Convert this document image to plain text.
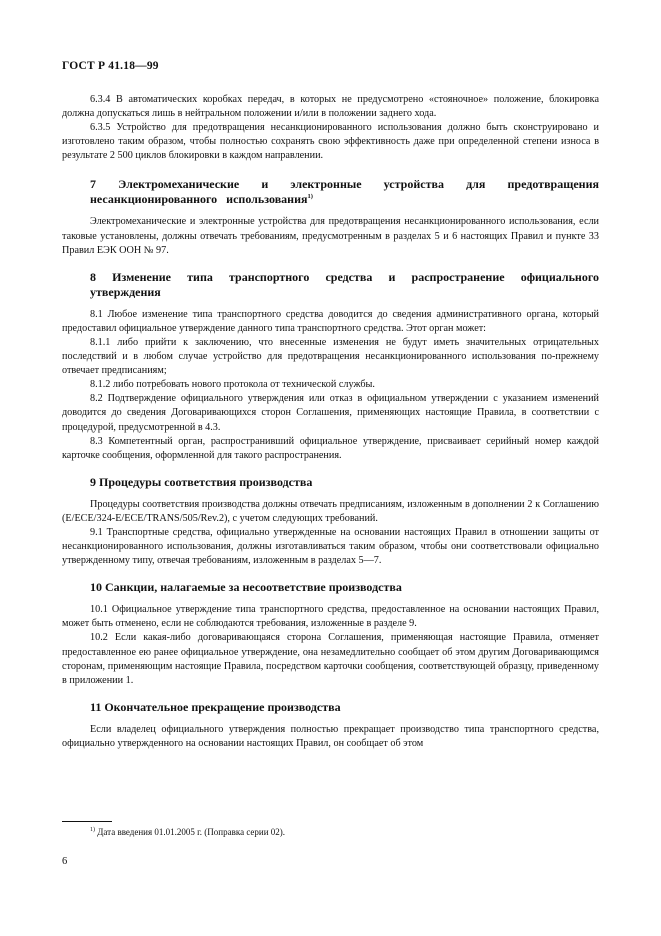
ГОСТ Р 41.18—99

6.3.4 В автоматических коробках передач, в которых не предусмотрено «стояночное» положение, блокировка должна допускаться лишь в нейтральном положении и/или в положении заднего хода.

6.3.5 Устройство для предотвращения несанкционированного использования должно быть сконструировано и изготовлено таким образом, чтобы полностью сохранять свою эффективность даже при определенной степени износа в результате 2 500 циклов блокировки в каждом направлении.

7 Электромеханические и электронные устройства для предотвращения несанкционированного использования$^{1)}$

Электромеханические и электронные устройства для предотвращения несанкционированного использования, если таковые установлены, должны отвечать требованиям, предусмотренным в разделах 5 и 6 настоящих Правил и пункте 33 Правил ЕЭК ООН № 97.

8 Изменение типа транспортного средства и распространение официального утверждения

8.1 Любое изменение типа транспортного средства доводится до сведения административного органа, который предоставил официальное утверждение данного типа транспортного средства. Этот орган может:

8.1.1 либо прийти к заключению, что внесенные изменения не будут иметь значительных отрицательных последствий и в любом случае устройство для предотвращения несанкционированного использования по-прежнему отвечает предписаниям;

8.1.2 либо потребовать нового протокола от технической службы.

8.2 Подтверждение официального утверждения или отказ в официальном утверждении с указанием изменений доводится до сведения Договаривающихся сторон Соглашения, применяющих настоящие Правила, в соответствии с процедурой, предусмотренной в 4.3.

8.3 Компетентный орган, распространивший официальное утверждение, присваивает серийный номер каждой карточке сообщения, оформленной для такого распространения.

9 Процедуры соответствия производства

Процедуры соответствия производства должны отвечать предписаниям, изложенным в дополнении 2 к Соглашению (E/ECE/324-E/ECE/TRANS/505/Rev.2), с учетом следующих требований.

9.1 Транспортные средства, официально утвержденные на основании настоящих Правил в отношении защиты от несанкционированного использования, должны изготавливаться таким образом, чтобы они соответствовали официально утвержденному типу, отвечая требованиям, изложенным в разделах 5—7.

10 Санкции, налагаемые за несоответствие производства

10.1 Официальное утверждение типа транспортного средства, предоставленное на основании настоящих Правил, может быть отменено, если не соблюдаются требования, изложенные в разделе 9.

10.2 Если какая-либо договаривающаяся сторона Соглашения, применяющая настоящие Правила, отменяет предоставленное ею ранее официальное утверждение, она незамедлительно сообщает об этом другим Договаривающимся сторонам, применяющим настоящие Правила, посредством карточки сообщения, соответствующей образцу, приведенному в приложении 1.

11 Окончательное прекращение производства

Если владелец официального утверждения полностью прекращает производство типа транспортного средства, официально утвержденного на основании настоящих Правил, он сообщает об этом

$^{1)}$ Дата введения 01.01.2005 г. (Поправка серии 02).
6
